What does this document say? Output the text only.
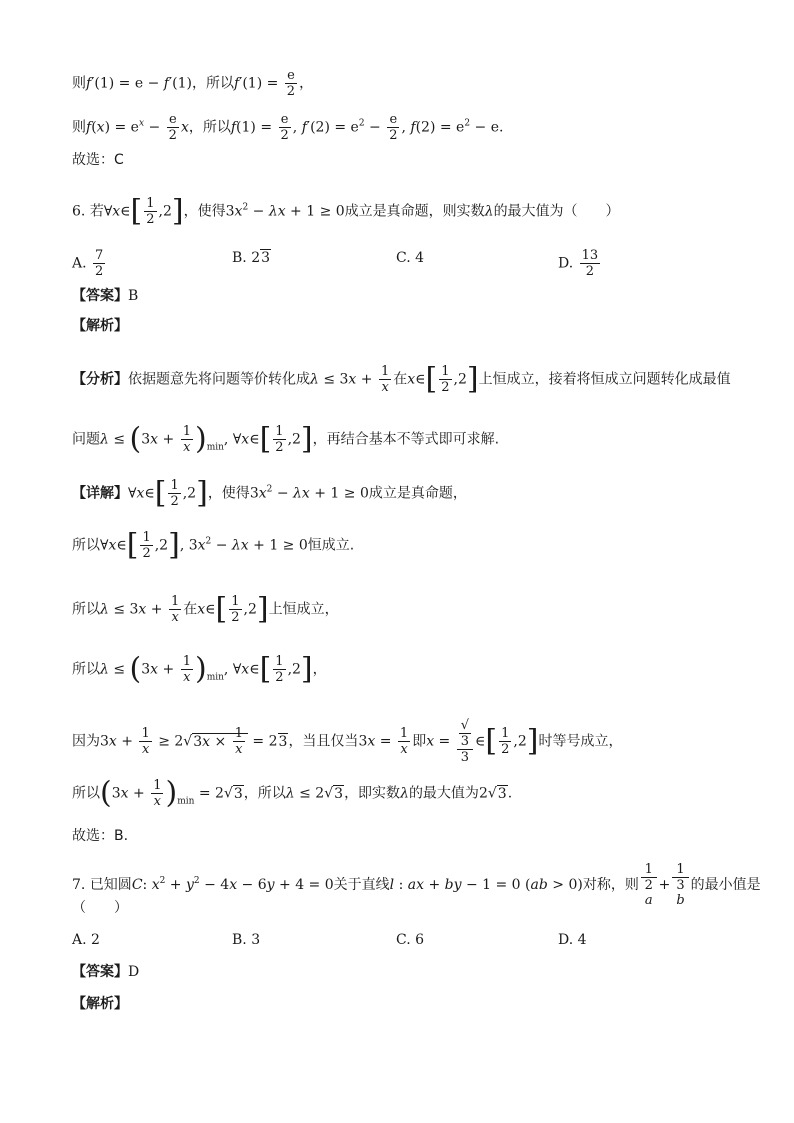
则f′(1) = e − f′(1)，所以$f'(1) = \frac{e}{2}$ ，
则$f(x) = e^x - \frac{e}{2}$ x，所以$f(1) = \frac{e}{2}$ , $f'(2) = e^2 - \frac{e}{2}$ , $f(2) = e^2 - e$.
故选：C
6. 若∀x∈[ $\frac{1}{2} ,2$]，使得$3x^2 - \lambda x + 1 \ge 0$成立是真命题，则实数λ的最大值为（　　）
A. $\frac{7}{2}$	B. 23	C. 4	D. $\frac{13}{2}$
【答案】B
【解析】
【分析】依据题意先将问题等价转化成$\lambda \le 3x + \frac{1}{x}$ 在x∈[ $\frac{1}{2} ,2$]上恒成立，接着将恒成立问题转化成最值
问题$\lambda \le (3x + \frac{1}{x} )_{min}$, ∀x∈[ $\frac{1}{2} ,2$]，再结合基本不等式即可求解.
【详解】∀x∈[ $\frac{1}{2} ,2$]，使得$3x^2 - \lambda x + 1 \ge 0$成立是真命题，
所以∀x∈[ $\frac{1}{2} ,2$], $3x^2 - \lambda x + 1 \ge 0$恒成立.
所以$\lambda \le 3x + \frac{1}{x}$ 在x∈[ $\frac{1}{2} ,2$]上恒成立，
所以$\lambda \le (3x + \frac{1}{x} )_{min}$, ∀x∈[ $\frac{1}{2} ,2$]，
因为$3x + \frac{1}{x} \ge 2√3x \times \frac{1}{x} = 23$，当且仅当$3x = \frac{1}{x}$ 即x = √
3
3 ∈[ $\frac{1}{2} ,2$]时等号成立，
所以$(3x + \frac{1}{x} )_{min} = 2√3$，所以λ ≤ 2√3，即实数λ的最大值为2√3.
故选：B.
7. 已知圆C: $x^2 + y^2 - 4x - 6y + 4 = 0$关于直线l : ax + by − 1 = 0 (ab > 0)对称，则 1
2
a + 1
3
b 的最小值是
（　　）
A. 2	B. 3	C. 6	D. 4
【答案】D
【解析】
